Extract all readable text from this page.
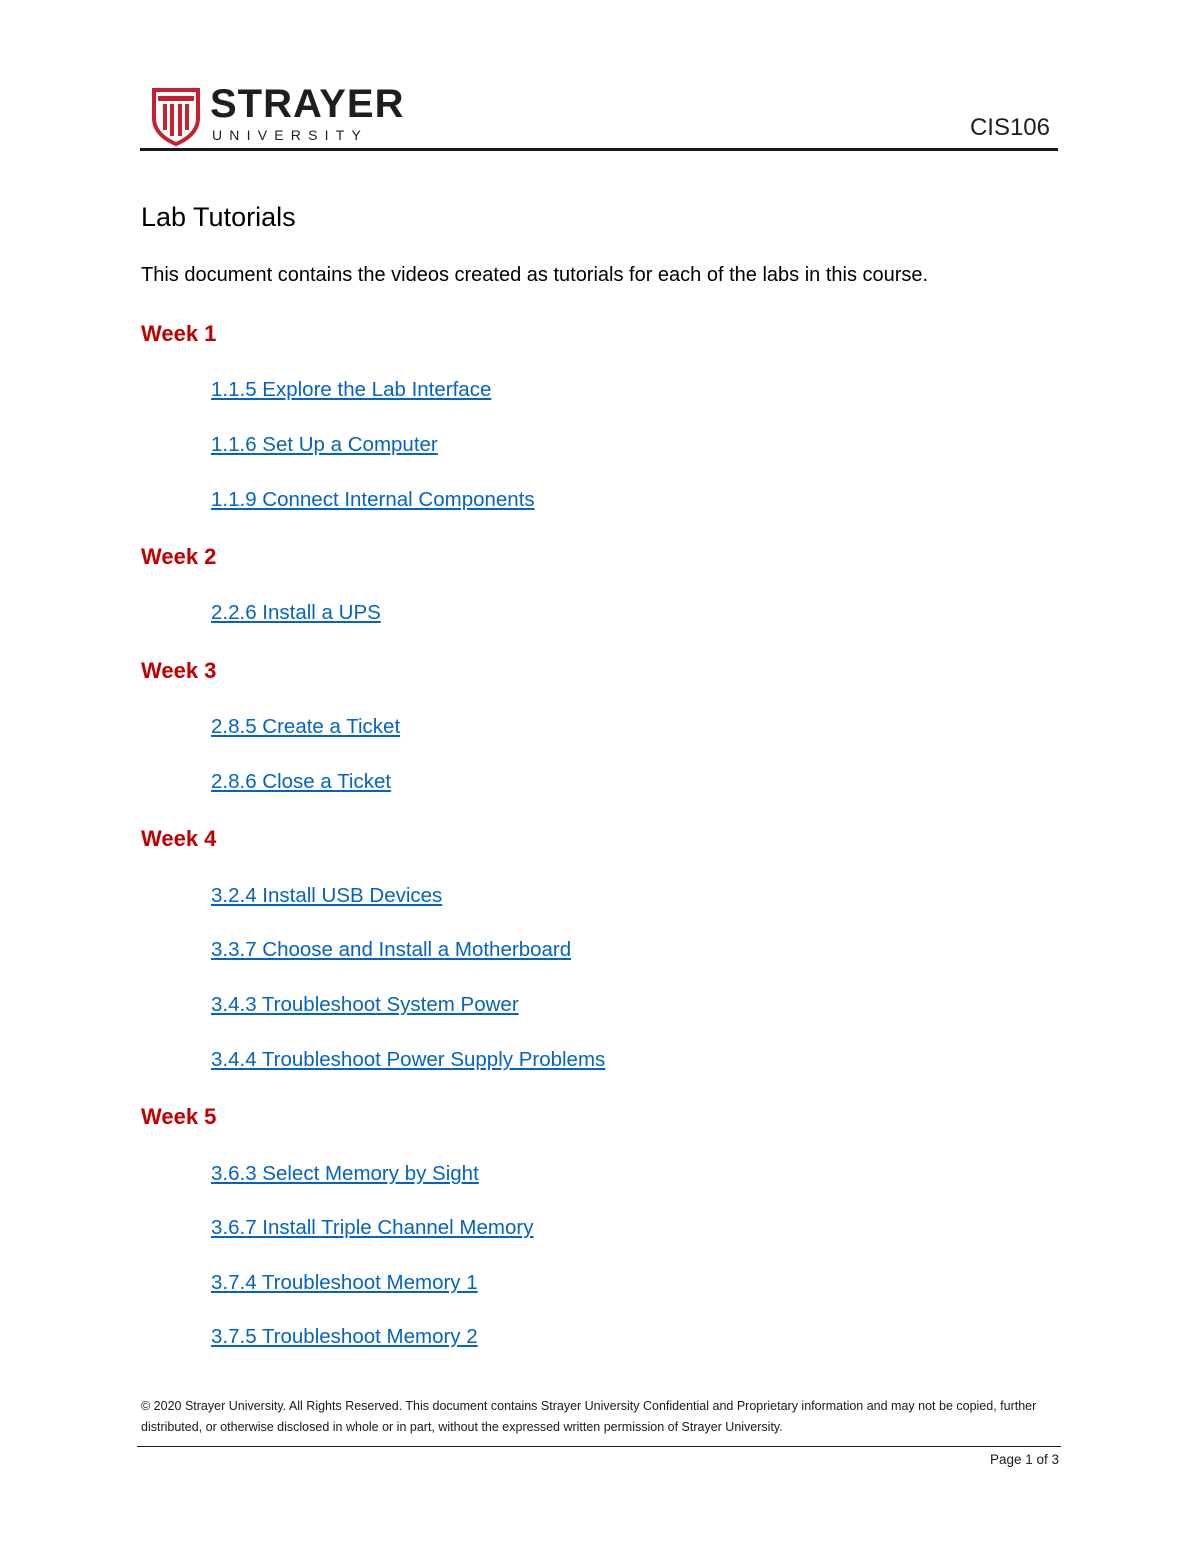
STRAYER
UNIVERSITY	CIS106
Lab Tutorials
This document contains the videos created as tutorials for each of the labs in this course.
Week 1
1.1.5 Explore the Lab Interface
1.1.6 Set Up a Computer
1.1.9 Connect Internal Components
Week 2
2.2.6 Install a UPS
Week 3
2.8.5 Create a Ticket
2.8.6 Close a Ticket
Week 4
3.2.4 Install USB Devices
3.3.7 Choose and Install a Motherboard
3.4.3 Troubleshoot System Power
3.4.4 Troubleshoot Power Supply Problems
Week 5
3.6.3 Select Memory by Sight
3.6.7 Install Triple Channel Memory
3.7.4 Troubleshoot Memory 1
3.7.5 Troubleshoot Memory 2
© 2020 Strayer University. All Rights Reserved. This document contains Strayer University Confidential and Proprietary information and may not be copied, further distributed, or otherwise disclosed in whole or in part, without the expressed written permission of Strayer University.
Page 1 of 3
